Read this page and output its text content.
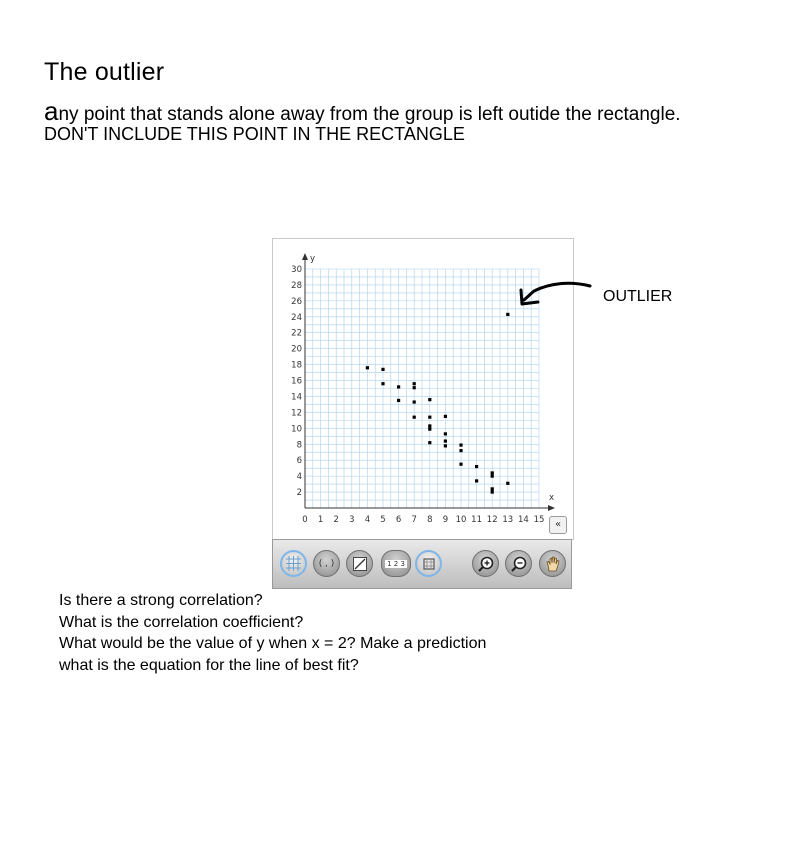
The outlier
any point that stands alone away from the group is left outide the rectangle.
DON'T INCLUDE THIS POINT IN THE RECTANGLE
0 1 2 3 4 5 6 7 8 9 10 11 12 13 14 15
2
4
6
8
10
12
14
16
18
20
22
24
26
28
30
x
y
«
( , )	1 2 3
OUTLIER
Is there a strong correlation?
What is the correlation coefficient?
What would be the value of y when x = 2? Make a prediction
what is the equation for the line of best fit?
